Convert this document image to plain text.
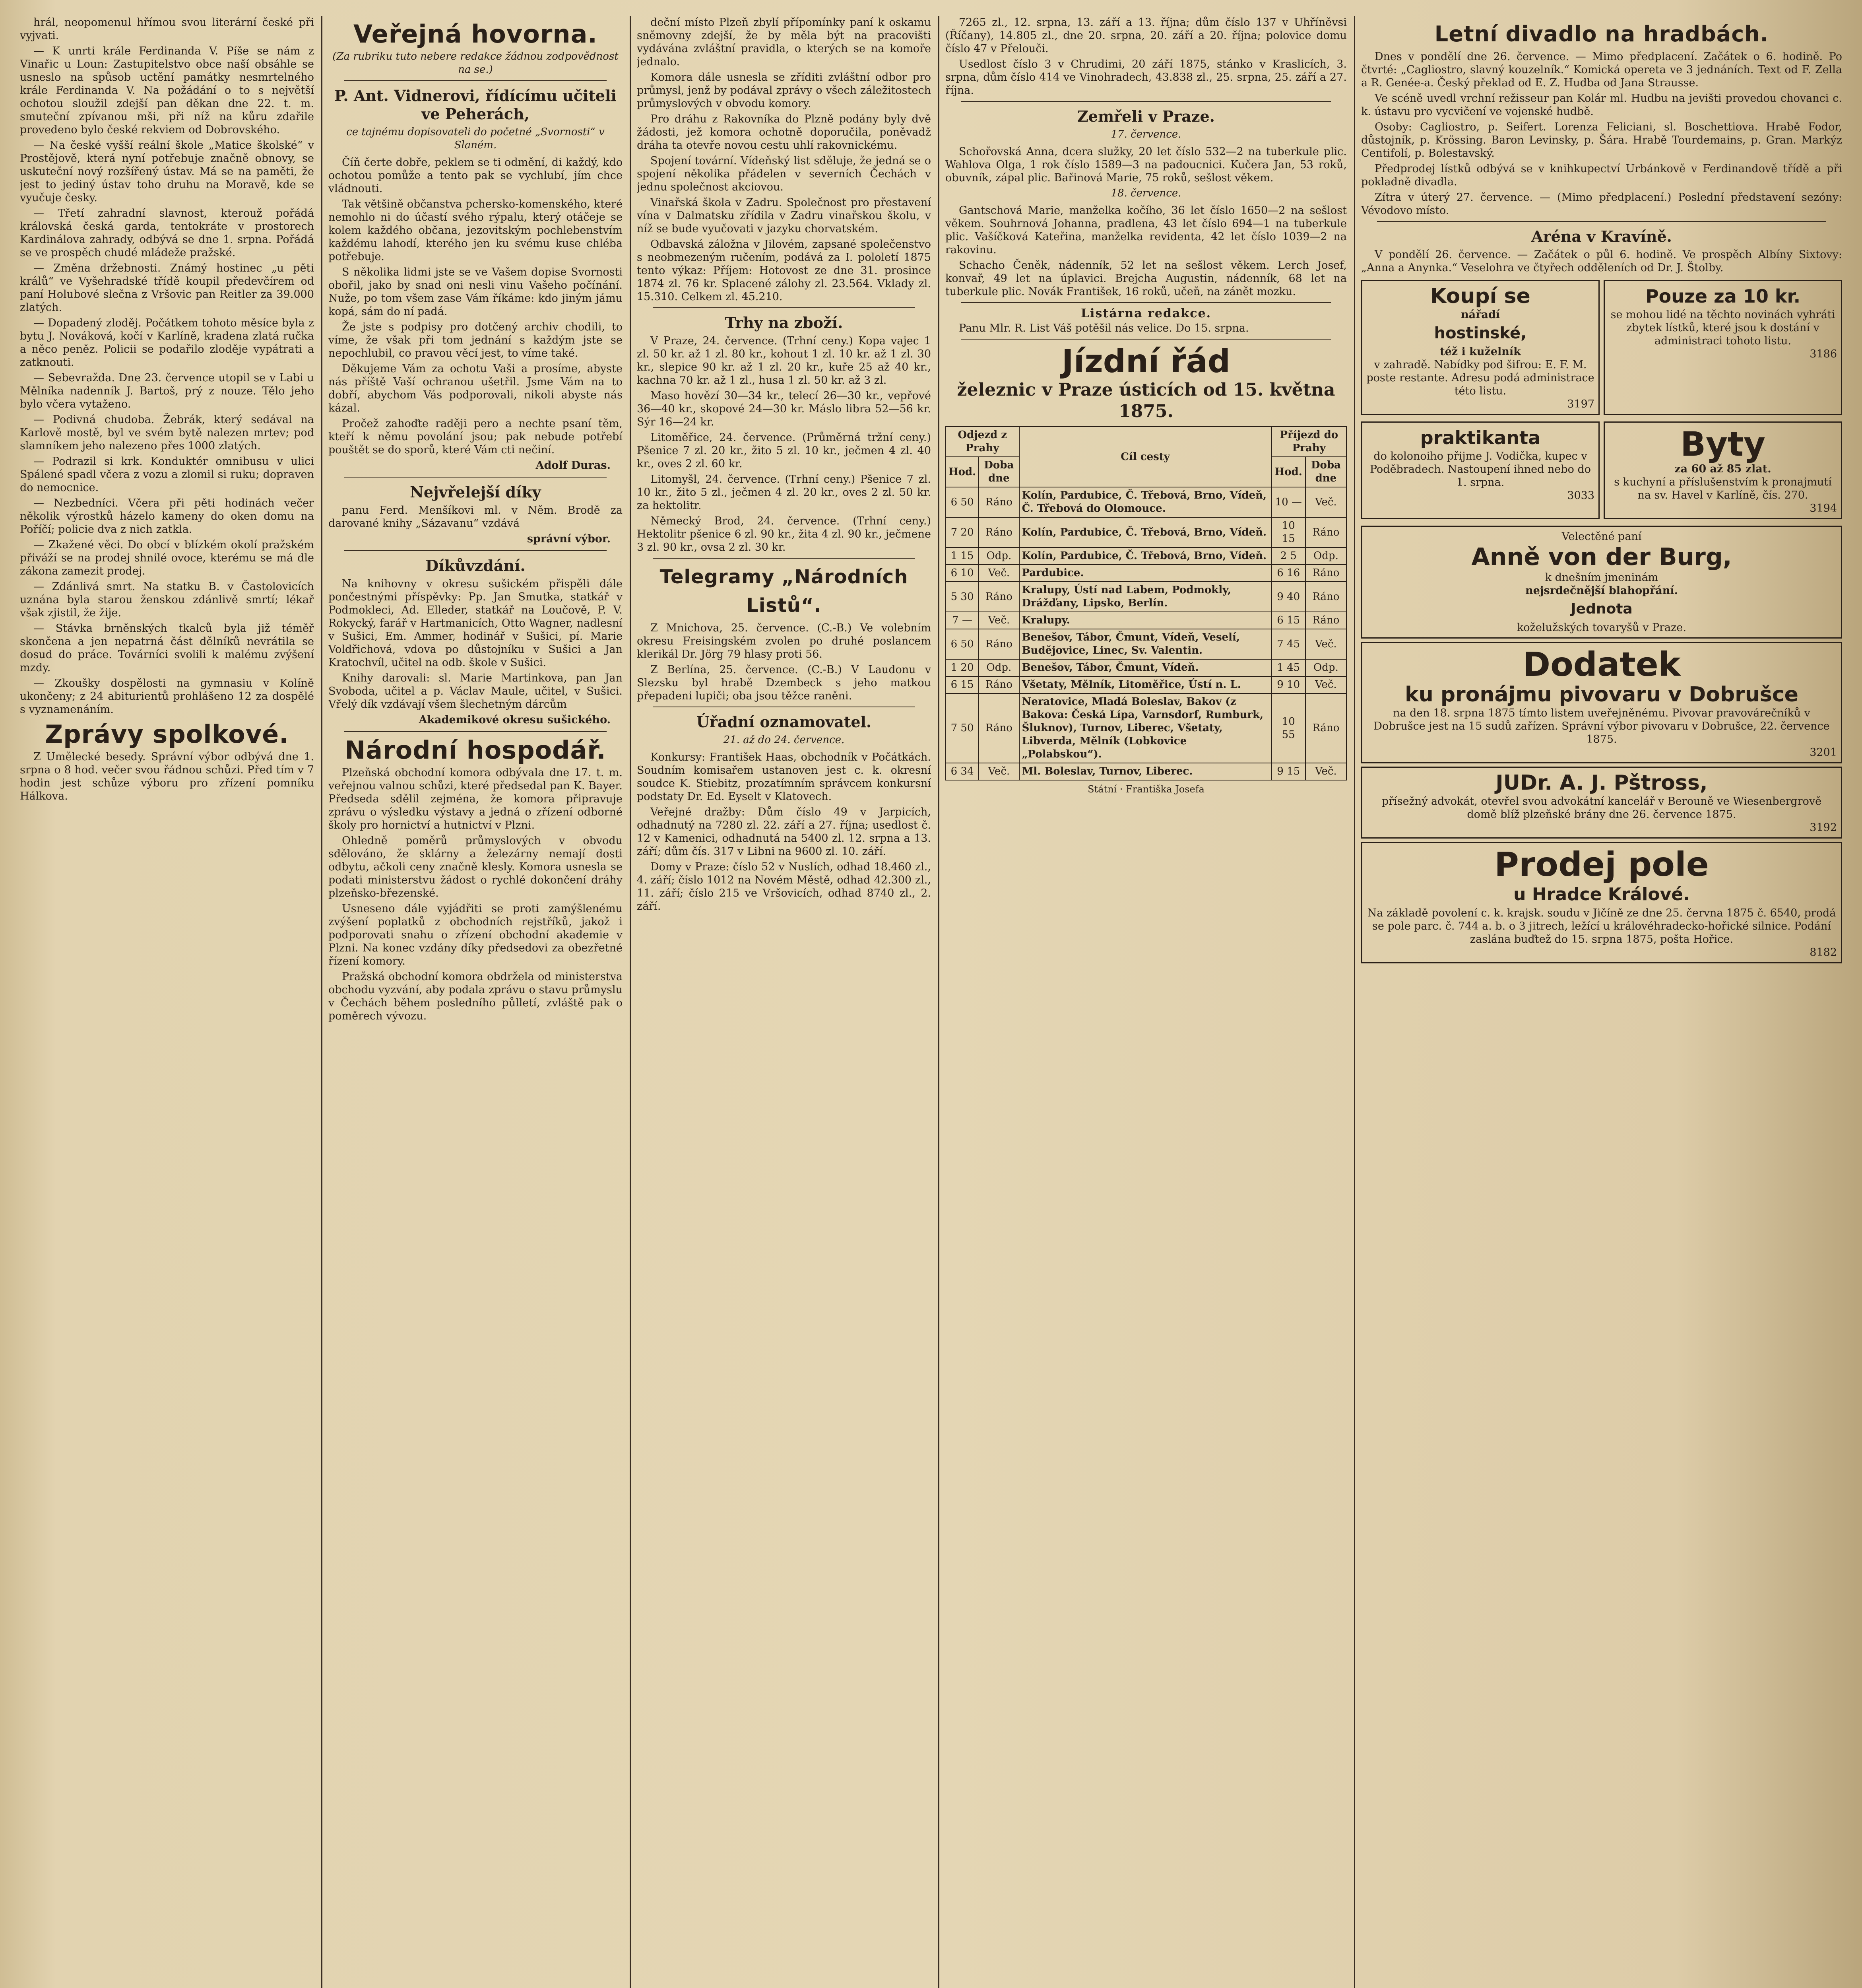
hrál, neopomenul hřímou svou literární české při vyjvati.

— K unrti krále Ferdinanda V. Píše se nám z Vinařic u Loun: Zastupitelstvo obce naší obsáhle se usneslo na spůsob uctění památky nesmrtelného krále Ferdinanda V. Na požádání o to s největší ochotou sloužil zdejší pan děkan dne 22. t. m. smuteční zpívanou mši, při níž na kůru zdařile provedeno bylo české rekviem od Dobrovského.

— Na české vyšší reální škole „Matice školské“ v Prostějově, která nyní potřebuje značně obnovy, se uskuteční nový rozšířený ústav. Má se na paměti, že jest to jediný ústav toho druhu na Moravě, kde se vyučuje česky.

— Třetí zahradní slavnost, kterouž pořádá královská česká garda, tentokráte v prostorech Kardinálova zahrady, odbývá se dne 1. srpna. Pořádá se ve prospěch chudé mládeže pražské.

— Změna držebnosti. Známý hostinec „u pěti králů“ ve Vyšehradské třídě koupil předevčírem od paní Holubové slečna z Vršovic pan Reitler za 39.000 zlatých.

— Dopadený zloděj. Počátkem tohoto měsíce byla z bytu J. Nováková, kočí v Karlíně, kradena zlatá ručka a něco peněz. Policii se podařilo zloděje vypátrati a zatknouti.

— Sebevražda. Dne 23. července utopil se v Labi u Mělníka nadenník J. Bartoš, prý z nouze. Tělo jeho bylo včera vytaženo.

— Podivná chudoba. Žebrák, který sedával na Karlově mostě, byl ve svém bytě nalezen mrtev; pod slamníkem jeho nalezeno přes 1000 zlatých.

— Podrazil si krk. Konduktér omnibusu v ulici Spálené spadl včera z vozu a zlomil si ruku; dopraven do nemocnice.

— Nezbedníci. Včera při pěti hodinách večer několik výrostků házelo kameny do oken domu na Poříčí; policie dva z nich zatkla.

— Zkažené věci. Do obcí v blízkém okolí pražském přiváží se na prodej shnilé ovoce, kterému se má dle zákona zamezit prodej.

— Zdánlivá smrt. Na statku B. v Častolovicích uznána byla starou ženskou zdánlivě smrtí; lékař však zjistil, že žije.

— Stávka brněnských tkalců byla již téměř skončena a jen nepatrná část dělníků nevrátila se dosud do práce. Továrníci svolili k malému zvýšení mzdy.

— Zkoušky dospělosti na gymnasiu v Kolíně ukončeny; z 24 abiturientů prohlášeno 12 za dospělé s vyznamenáním.

Zprávy spolkové.

Z Umělecké besedy. Správní výbor odbývá dne 1. srpna o 8 hod. večer svou řádnou schůzi. Před tím v 7 hodin jest schůze výboru pro zřízení pomníku Hálkova.

Veřejná hovorna.
(Za rubriku tuto nebere redakce žádnou zodpovědnost na se.)
P. Ant. Vidnerovi, řídícímu učiteli ve Peherách,
ce tajnému dopisovateli do početné „Svornosti“ v Slaném.

Číň čerte dobře, peklem se ti odmění, di každý, kdo ochotou pomůže a tento pak se vychlubí, jím chce vládnouti.

Tak většině občanstva pchersko-komenského, které nemohlo ni do účastí svého rýpalu, který otáčeje se kolem každého občana, jezovitským pochlebenstvím každému lahodí, kterého jen ku svému kuse chléba potřebuje.

S několika lidmi jste se ve Vašem dopise Svornosti obořil, jako by snad oni nesli vinu Vašeho počínání. Nuže, po tom všem zase Vám říkáme: kdo jiným jámu kopá, sám do ní padá.

Že jste s podpisy pro dotčený archiv chodili, to víme, že však při tom jednání s každým jste se nepochlubil, co pravou věcí jest, to víme také.

Děkujeme Vám za ochotu Vaši a prosíme, abyste nás příště Vaší ochranou ušetřil. Jsme Vám na to dobří, abychom Vás podporovali, nikoli abyste nás kázal.

Pročež zahoďte raději pero a nechte psaní těm, kteří k němu povolání jsou; pak nebude potřebí pouštět se do sporů, které Vám cti nečiní.

Adolf Duras.
Nejvřelejší díky

panu Ferd. Menšíkovi ml. v Něm. Brodě za darované knihy „Sázavanu“ vzdává

správní výbor.
Díkůvzdání.

Na knihovny v okresu sušickém přispěli dále pončestnými příspěvky: Pp. Jan Smutka, statkář v Podmokleci, Ad. Elleder, statkář na Loučově, P. V. Rokycký, farář v Hartmanicích, Otto Wagner, nadlesní v Sušici, Em. Ammer, hodinář v Sušici, pí. Marie Voldřichová, vdova po důstojníku v Sušici a Jan Kratochvíl, učitel na odb. škole v Sušici.

Knihy darovali: sl. Marie Martinkova, pan Jan Svoboda, učitel a p. Václav Maule, učitel, v Sušici. Vřelý dík vzdávají všem šlechetným dárcům

Akademikové okresu sušického.
Národní hospodář.

Plzeňská obchodní komora odbývala dne 17. t. m. veřejnou valnou schůzi, které předsedal pan K. Bayer. Předseda sdělil zejména, že komora připravuje zprávu o výsledku výstavy a jedná o zřízení odborné školy pro hornictví a hutnictví v Plzni.

Ohledně poměrů průmyslových v obvodu sdělováno, že sklárny a železárny nemají dosti odbytu, ačkoli ceny značně klesly. Komora usnesla se podati ministerstvu žádost o rychlé dokončení dráhy plzeňsko-březenské.

Usneseno dále vyjádřiti se proti zamýšlenému zvýšení poplatků z obchodních rejstříků, jakož i podporovati snahu o zřízení obchodní akademie v Plzni. Na konec vzdány díky předsedovi za obezřetné řízení komory.

Pražská obchodní komora obdržela od ministerstva obchodu vyzvání, aby podala zprávu o stavu průmyslu v Čechách během posledního půlletí, zvláště pak o poměrech vývozu.

deční místo Plzeň zbylí přípomínky paní k oskamu sněmovny zdejší, že by měla být na pracovišti vydávána zvláštní pravidla, o kterých se na komoře jednalo.

Komora dále usnesla se zříditi zvláštní odbor pro průmysl, jenž by podával zprávy o všech záležitostech průmyslových v obvodu komory.

Pro dráhu z Rakovníka do Plzně podány byly dvě žádosti, jež komora ochotně doporučila, poněvadž dráha ta otevře novou cestu uhlí rakovnickému.

Spojení tovární. Vídeňský list sděluje, že jedná se o spojení několika přádelen v severních Čechách v jednu společnost akciovou.

Vinařská škola v Zadru. Společnost pro přestavení vína v Dalmatsku zřídila v Zadru vinařskou školu, v níž se bude vyučovati v jazyku chorvatském.

Odbavská záložna v Jilovém, zapsané společenstvo s neobmezeným ručením, podává za I. pololetí 1875 tento výkaz: Příjem: Hotovost ze dne 31. prosince 1874 zl. 76 kr. Splacené zálohy zl. 23.564. Vklady zl. 15.310. Celkem zl. 45.210.

Trhy na zboží.

V Praze, 24. července. (Trhní ceny.) Kopa vajec 1 zl. 50 kr. až 1 zl. 80 kr., kohout 1 zl. 10 kr. až 1 zl. 30 kr., slepice 90 kr. až 1 zl. 20 kr., kuře 25 až 40 kr., kachna 70 kr. až 1 zl., husa 1 zl. 50 kr. až 3 zl.

Maso hovězí 30—34 kr., telecí 26—30 kr., vepřové 36—40 kr., skopové 24—30 kr. Máslo libra 52—56 kr. Sýr 16—24 kr.

Litoměřice, 24. července. (Průměrná tržní ceny.) Pšenice 7 zl. 20 kr., žito 5 zl. 10 kr., ječmen 4 zl. 40 kr., oves 2 zl. 60 kr.

Litomyšl, 24. července. (Trhní ceny.) Pšenice 7 zl. 10 kr., žito 5 zl., ječmen 4 zl. 20 kr., oves 2 zl. 50 kr. za hektolitr.

Německý Brod, 24. července. (Trhní ceny.) Hektolitr pšenice 6 zl. 90 kr., žita 4 zl. 90 kr., ječmene 3 zl. 90 kr., ovsa 2 zl. 30 kr.

Telegramy „Národních Listů“.

Z Mnichova, 25. července. (C.-B.) Ve volebním okresu Freisingském zvolen po druhé poslancem klerikál Dr. Jörg 79 hlasy proti 56.

Z Berlína, 25. července. (C.-B.) V Laudonu v Slezsku byl hrabě Dzembeck s jeho matkou přepadeni lupiči; oba jsou těžce raněni.

Úřadní oznamovatel.
21. až do 24. července.

Konkursy: František Haas, obchodník v Počátkách. Soudním komisařem ustanoven jest c. k. okresní soudce K. Stiebitz, prozatímním správcem konkursní podstaty Dr. Ed. Eyselt v Klatovech.

Veřejné dražby: Dům číslo 49 v Jarpicích, odhadnutý na 7280 zl. 22. září a 27. října; usedlost č. 12 v Kamenici, odhadnutá na 5400 zl. 12. srpna a 13. září; dům čís. 317 v Libni na 9600 zl. 10. září.

Domy v Praze: číslo 52 v Nuslích, odhad 18.460 zl., 4. září; číslo 1012 na Novém Městě, odhad 42.300 zl., 11. září; číslo 215 ve Vršovicích, odhad 8740 zl., 2. září.

7265 zl., 12. srpna, 13. září a 13. října; dům číslo 137 v Uhříněvsi (Říčany), 14.805 zl., dne 20. srpna, 20. září a 20. října; polovice domu číslo 47 v Přelouči.

Usedlost číslo 3 v Chrudimi, 20 září 1875, stánko v Kraslicích, 3. srpna, dům číslo 414 ve Vinohradech, 43.838 zl., 25. srpna, 25. září a 27. října.

Zemřeli v Praze.
17. července.

Schořovská Anna, dcera služky, 20 let číslo 532—2 na tuberkule plic. Wahlova Olga, 1 rok číslo 1589—3 na padoucnici. Kučera Jan, 53 roků, obuvník, zápal plic. Bařinová Marie, 75 roků, sešlost věkem.

18. července.

Gantschová Marie, manželka kočího, 36 let číslo 1650—2 na sešlost věkem. Souhrnová Johanna, pradlena, 43 let číslo 694—1 na tuberkule plic. Vašíčková Kateřina, manželka revidenta, 42 let číslo 1039—2 na rakovinu.

Schacho Čeněk, nádenník, 52 let na sešlost věkem. Lerch Josef, konvař, 49 let na úplavici. Brejcha Augustin, nádenník, 68 let na tuberkule plic. Novák František, 16 roků, učeň, na zánět mozku.

Listárna redakce.

Panu Mlr. R. List Váš potěšil nás velice. Do 15. srpna.

Jízdní řád
železnic v Praze ústicích od 15. května 1875.
Odjezd z Prahy		Cíl cesty	Příjezd do Prahy	
Hod.	Doba dne		Hod.	Doba dne
6 50	Ráno	Kolín, Pardubice, Č. Třebová, Brno, Vídeň, Č. Třebová do Olomouce.	10 —	Več.
7 20	Ráno	Kolín, Pardubice, Č. Třebová, Brno, Vídeň.	10 15	Ráno
1 15	Odp.	Kolín, Pardubice, Č. Třebová, Brno, Vídeň.	2 5	Odp.
6 10	Več.	Pardubice.	6 16	Ráno
5 30	Ráno	Kralupy, Ústí nad Labem, Podmokly, Drážďany, Lipsko, Berlín.	9 40	Ráno
7 —	Več.	Kralupy.	6 15	Ráno
6 50	Ráno	Benešov, Tábor, Čmunt, Vídeň, Veselí, Budějovice, Linec, Sv. Valentin.	7 45	Več.
1 20	Odp.	Benešov, Tábor, Čmunt, Vídeň.	1 45	Odp.
6 15	Ráno	Všetaty, Mělník, Litoměřice, Ústí n. L.	9 10	Več.
7 50	Ráno	Neratovice, Mladá Boleslav, Bakov (z Bakova: Česká Lípa, Varnsdorf, Rumburk, Šluknov), Turnov, Liberec, Všetaty, Libverda, Mělník (Lobkovice „Polabskou“).	10 55	Ráno
6 34	Več.	Ml. Boleslav, Turnov, Liberec.	9 15	Več.
Státní · Františka Josefa
Letní divadlo na hradbách.

Dnes v pondělí dne 26. července. — Mimo předplacení. Začátek o 6. hodině. Po čtvrté: „Cagliostro, slavný kouzelník.“ Komická opereta ve 3 jednáních. Text od F. Zella a R. Genée-a. Český překlad od E. Z. Hudba od Jana Strausse.

Ve scéně uvedl vrchní režisseur pan Kolár ml. Hudbu na jevišti provedou chovanci c. k. ústavu pro vycvičení ve vojenské hudbě.

Osoby: Cagliostro, p. Seifert. Lorenza Feliciani, sl. Boschettiova. Hrabě Fodor, důstojník, p. Krössing. Baron Levinsky, p. Šára. Hrabě Tourdemains, p. Gran. Markýz Centifolí, p. Bolestavský.

Předprodej lístků odbývá se v knihkupectví Urbánkově v Ferdinandově třídě a při pokladně divadla.

Zítra v úterý 27. července. — (Mimo předplacení.) Poslední představení sezóny: Vévodovo místo.

Aréna v Kravíně.

V pondělí 26. července. — Začátek o půl 6. hodině. Ve prospěch Albíny Sixtovy: „Anna a Anynka.“ Veselohra ve čtyřech odděleních od Dr. J. Štolby.

Koupí se
nářadí
hostinské,
též i kuželník
v zahradě. Nabídky pod šifrou: E. F. M. poste restante. Adresu podá administrace této listu.
3197
Pouze za 10 kr.
se mohou lidé na těchto novinách vyhráti zbytek lístků, které jsou k dostání v administraci tohoto listu.
3186
praktikanta
do kolonoiho přijme J. Vodička, kupec v Poděbradech. Nastoupení ihned nebo do 1. srpna.
3033
Byty
za 60 až 85 zlat.
s kuchyní a příslušenstvím k pronajmutí na sv. Havel v Karlíně, čís. 270.
3194
Velectěné paní
Anně von der Burg,
k dnešním jmeninám
nejsrdečnější blahopřání.
Jednota
koželužských tovaryšů v Praze.
Dodatek
ku pronájmu pivovaru v Dobrušce
na den 18. srpna 1875 tímto listem uveřejněnému. Pivovar pravovárečníků v Dobrušce jest na 15 sudů zařízen. Správní výbor pivovaru v Dobrušce, 22. července 1875.
3201
JUDr. A. J. Pštross,
přísežný advokát, otevřel svou advokátní kancelář v Berouně ve Wiesenbergrově domě blíž plzeňské brány dne 26. července 1875.
3192
Prodej pole
u Hradce Králové.
Na základě povolení c. k. krajsk. soudu v Jičíně ze dne 25. června 1875 č. 6540, prodá se pole parc. č. 744 a. b. o 3 jitrech, ležící u královéhradecko-hořické silnice. Podání zaslána buďtež do 15. srpna 1875, pošta Hořice.
8182
